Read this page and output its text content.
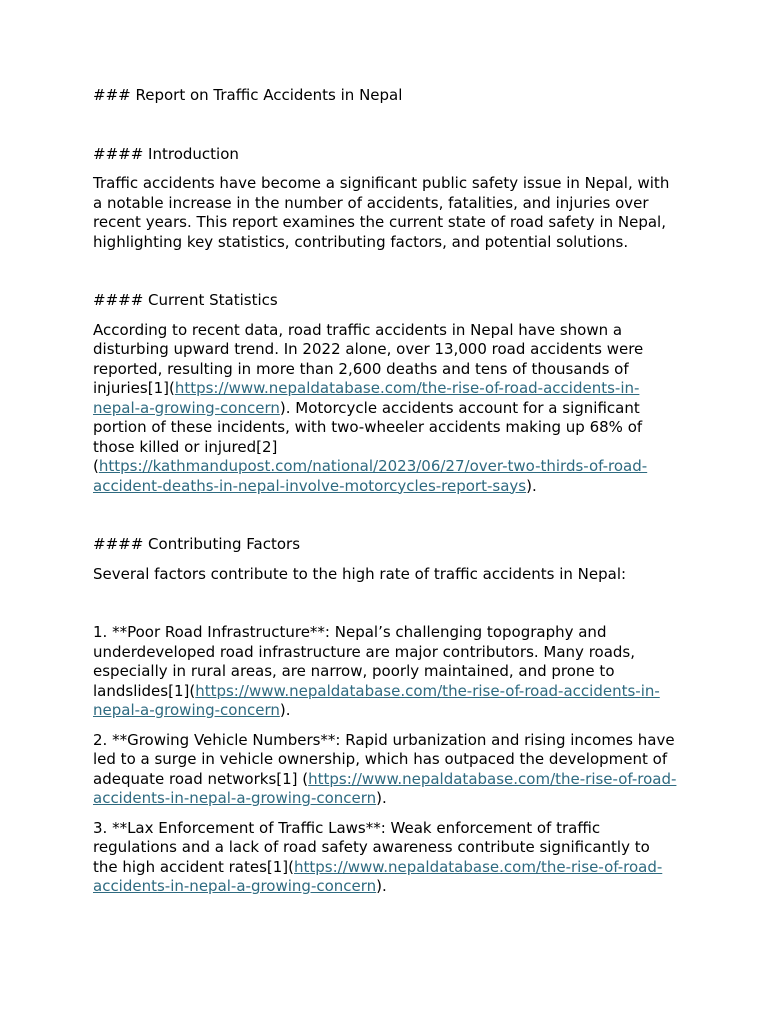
### Report on Traffic Accidents in Nepal

#### Introduction

Traffic accidents have become a significant public safety issue in Nepal, with a notable increase in the number of accidents, fatalities, and injuries over recent years. This report examines the current state of road safety in Nepal, highlighting key statistics, contributing factors, and potential solutions.

#### Current Statistics

According to recent data, road traffic accidents in Nepal have shown a disturbing upward trend. In 2022 alone, over 13,000 road accidents were reported, resulting in more than 2,600 deaths and tens of thousands of injuries[1](https://www.nepaldatabase.com/the-rise-of-road-accidents-in-nepal-a-growing-concern). Motorcycle accidents account for a significant portion of these incidents, with two-wheeler accidents making up 68% of those killed or injured[2] (https://kathmandupost.com/national/2023/06/27/over-two-thirds-of-road-accident-deaths-in-nepal-involve-motorcycles-report-says).

#### Contributing Factors

Several factors contribute to the high rate of traffic accidents in Nepal:

1. **Poor Road Infrastructure**: Nepal’s challenging topography and underdeveloped road infrastructure are major contributors. Many roads, especially in rural areas, are narrow, poorly maintained, and prone to landslides[1](https://www.nepaldatabase.com/the-rise-of-road-accidents-in-nepal-a-growing-concern).

2. **Growing Vehicle Numbers**: Rapid urbanization and rising incomes have led to a surge in vehicle ownership, which has outpaced the development of adequate road networks[1] (https://www.nepaldatabase.com/the-rise-of-road-accidents-in-nepal-a-growing-concern).

3. **Lax Enforcement of Traffic Laws**: Weak enforcement of traffic regulations and a lack of road safety awareness contribute significantly to the high accident rates[1](https://www.nepaldatabase.com/the-rise-of-road-accidents-in-nepal-a-growing-concern).
